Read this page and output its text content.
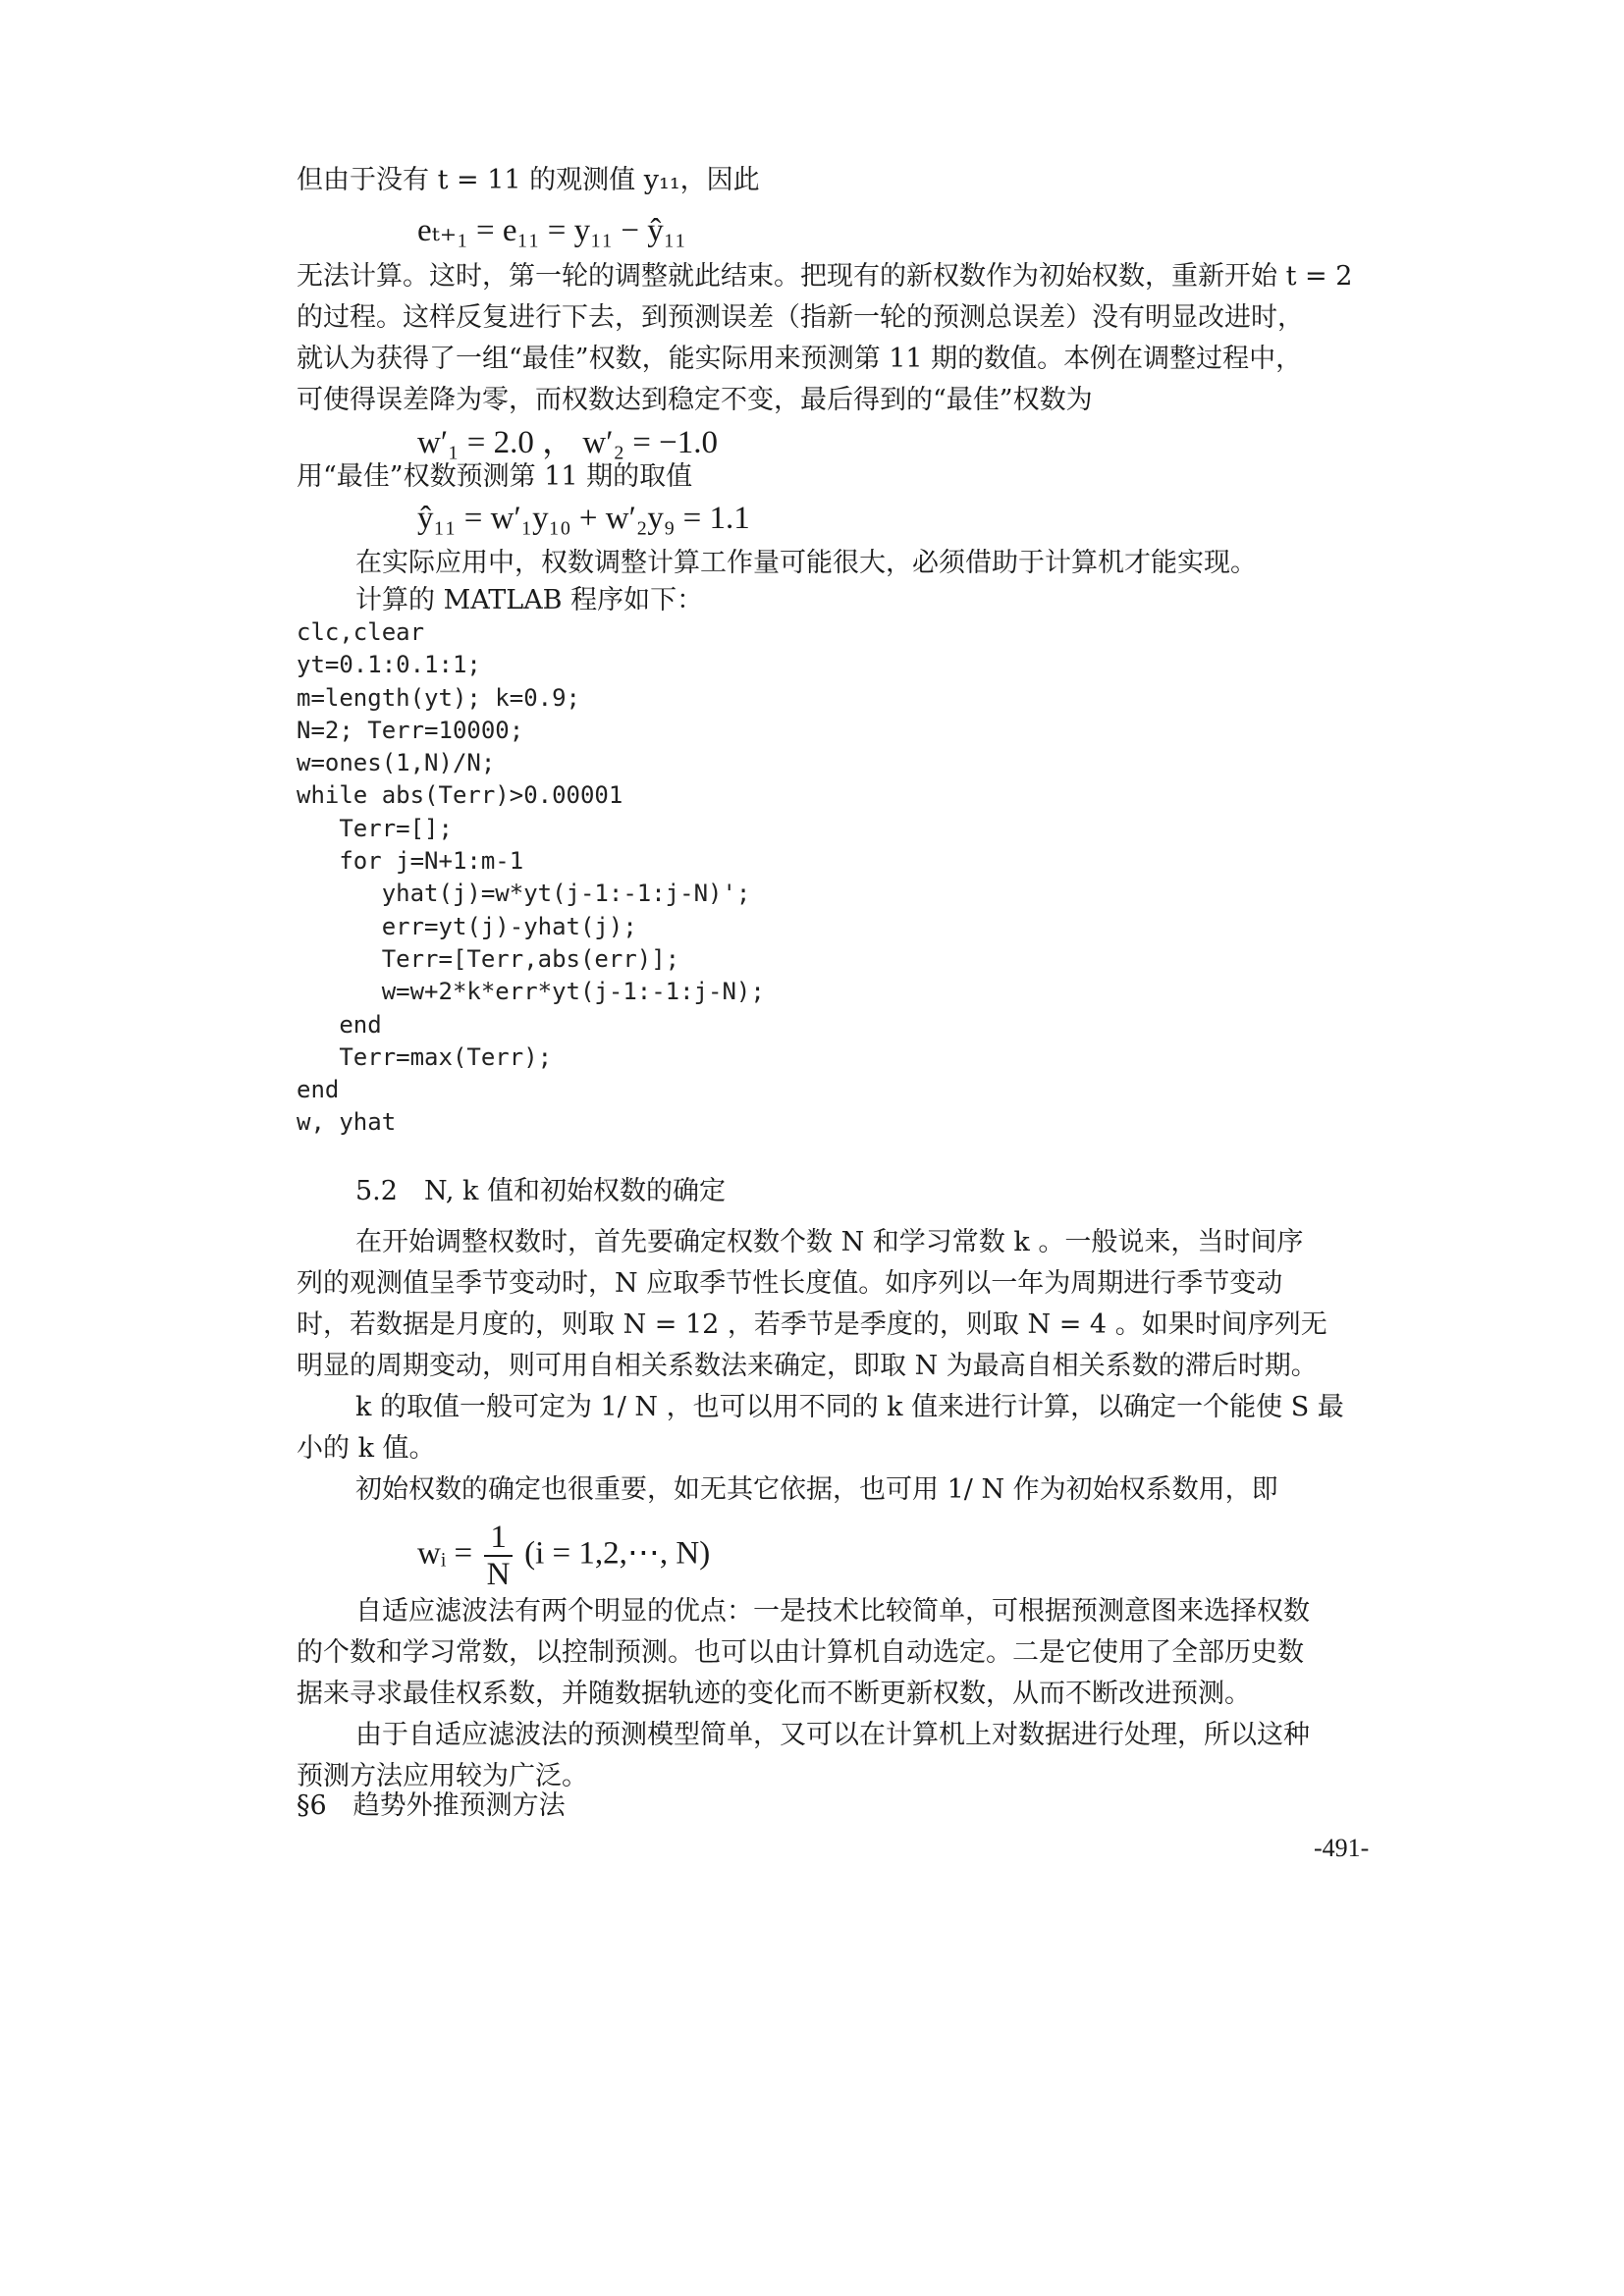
但由于没有 t = 11 的观测值 y₁₁，因此
eₜ₊₁ = e₁₁ = y₁₁ − ŷ₁₁
无法计算。这时，第一轮的调整就此结束。把现有的新权数作为初始权数，重新开始 t = 2
的过程。这样反复进行下去，到预测误差（指新一轮的预测总误差）没有明显改进时，
就认为获得了一组“最佳”权数，能实际用来预测第 11 期的数值。本例在调整过程中，
可使得误差降为零，而权数达到稳定不变，最后得到的“最佳”权数为
w′₁ = 2.0 ， w′₂ = −1.0
用“最佳”权数预测第 11 期的取值
ŷ₁₁ = w′₁y₁₀ + w′₂y₉ = 1.1
在实际应用中，权数调整计算工作量可能很大，必须借助于计算机才能实现。
计算的 MATLAB 程序如下：
clc,clear
yt=0.1:0.1:1;
m=length(yt); k=0.9;
N=2; Terr=10000;
w=ones(1,N)/N;
while abs(Terr)>0.00001
Terr=[];
for j=N+1:m-1
yhat(j)=w*yt(j-1:-1:j-N)';
err=yt(j)-yhat(j);
Terr=[Terr,abs(err)];
w=w+2*k*err*yt(j-1:-1:j-N);
end
Terr=max(Terr);
end
w, yhat
5.2　N, k 值和初始权数的确定
在开始调整权数时，首先要确定权数个数 N 和学习常数 k 。一般说来，当时间序
列的观测值呈季节变动时，N 应取季节性长度值。如序列以一年为周期进行季节变动
时，若数据是月度的，则取 N = 12 ，若季节是季度的，则取 N = 4 。如果时间序列无
明显的周期变动，则可用自相关系数法来确定，即取 N 为最高自相关系数的滞后时期。
k 的取值一般可定为 1/ N ，也可以用不同的 k 值来进行计算，以确定一个能使 S 最
小的 k 值。
初始权数的确定也很重要，如无其它依据，也可用 1/ N 作为初始权系数用，即
wᵢ = $\frac{1}{N} (i$ = 1,2,⋯, N)
自适应滤波法有两个明显的优点：一是技术比较简单，可根据预测意图来选择权数
的个数和学习常数，以控制预测。也可以由计算机自动选定。二是它使用了全部历史数
据来寻求最佳权系数，并随数据轨迹的变化而不断更新权数，从而不断改进预测。
由于自适应滤波法的预测模型简单，又可以在计算机上对数据进行处理，所以这种
预测方法应用较为广泛。
§6　趋势外推预测方法
-491-
